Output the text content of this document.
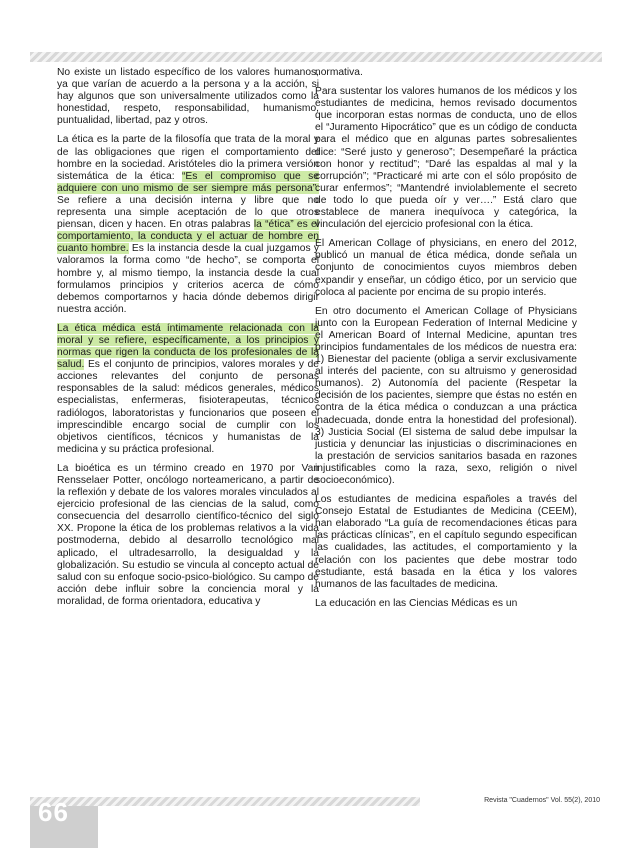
No existe un listado específico de los valores humanos, ya que varían de acuerdo a la persona y a la acción, si hay algunos que son universalmente utilizados como la honestidad, respeto, responsabilidad, humanismo, puntualidad, libertad, paz y otros.

La ética es la parte de la filosofía que trata de la moral y de las obligaciones que rigen el comportamiento del hombre en la sociedad. Aristóteles dio la primera versión sistemática de la ética: “Es el compromiso que se adquiere con uno mismo de ser siempre más persona”. Se refiere a una decisión interna y libre que no representa una simple aceptación de lo que otros piensan, dicen y hacen. En otras palabras la “ética” es el comportamiento, la conducta y el actuar de hombre en cuanto hombre. Es la instancia desde la cual juzgamos y valoramos la forma como “de hecho”, se comporta el hombre y, al mismo tiempo, la instancia desde la cual formulamos principios y criterios acerca de cómo debemos comportarnos y hacia dónde debemos dirigir nuestra acción.

La ética médica está íntimamente relacionada con la moral y se refiere, específicamente, a los principios y normas que rigen la conducta de los profesionales de la salud. Es el conjunto de principios, valores morales y de acciones relevantes del conjunto de personas responsables de la salud: médicos generales, médicos especialistas, enfermeras, fisioterapeutas, técnicos radiólogos, laboratoristas y funcionarios que poseen el imprescindible encargo social de cumplir con los objetivos científicos, técnicos y humanistas de la medicina y su práctica profesional.

La bioética es un término creado en 1970 por Van Rensselaer Potter, oncólogo norteamericano, a partir de la reflexión y debate de los valores morales vinculados al ejercicio profesional de las ciencias de la salud, como consecuencia del desarrollo científico-técnico del siglo XX. Propone la ética de los problemas relativos a la vida postmoderna, debido al desarrollo tecnológico mal aplicado, el ultradesarrollo, la desigualdad y la globalización. Su estudio se vincula al concepto actual de salud con su enfoque socio-psico-biológico. Su campo de acción debe influir sobre la conciencia moral y la moralidad, de forma orientadora, educativa y

normativa.

Para sustentar los valores humanos de los médicos y los estudiantes de medicina, hemos revisado documentos que incorporan estas normas de conducta, uno de ellos el “Juramento Hipocrático” que es un código de conducta para el médico que en algunas partes sobresalientes dice: “Seré justo y generoso”; Desempeñaré la práctica con honor y rectitud”; “Daré las espaldas al mal y la corrupción”; “Practicaré mi arte con el sólo propósito de curar enfermos”; “Mantendré inviolablemente el secreto de todo lo que pueda oír y ver….” Está claro que establece de manera inequívoca y categórica, la vinculación del ejercicio profesional con la ética.

El American Collage of physicians, en enero del 2012, publicó un manual de ética médica, donde señala un conjunto de conocimientos cuyos miembros deben expandir y enseñar, un código ético, por un servicio que coloca al paciente por encima de su propio interés.

En otro documento el American Collage of Physicians junto con la European Federation of Internal Medicine y el American Board of Internal Medicine, apuntan tres principios fundamentales de los médicos de nuestra era: 1) Bienestar del paciente (obliga a servir exclusivamente al interés del paciente, con su altruismo y generosidad humanos). 2) Autonomía del paciente (Respetar la decisión de los pacientes, siempre que éstas no estén en contra de la ética médica o conduzcan a una práctica inadecuada, donde entra la honestidad del profesional). 3) Justicia Social (El sistema de salud debe impulsar la justicia y denunciar las injusticias o discriminaciones en la prestación de servicios sanitarios basada en razones injustificables como la raza, sexo, religión o nivel socioeconómico).

Los estudiantes de medicina españoles a través del Consejo Estatal de Estudiantes de Medicina (CEEM), han elaborado “La guía de recomendaciones éticas para las prácticas clínicas”, en el capítulo segundo especifican las cualidades, las actitudes, el comportamiento y la relación con los pacientes que debe mostrar todo estudiante, está basada en la ética y los valores humanos de las facultades de medicina.

La educación en las Ciencias Médicas es un

Revista "Cuadernos" Vol. 55(2), 2010
66
